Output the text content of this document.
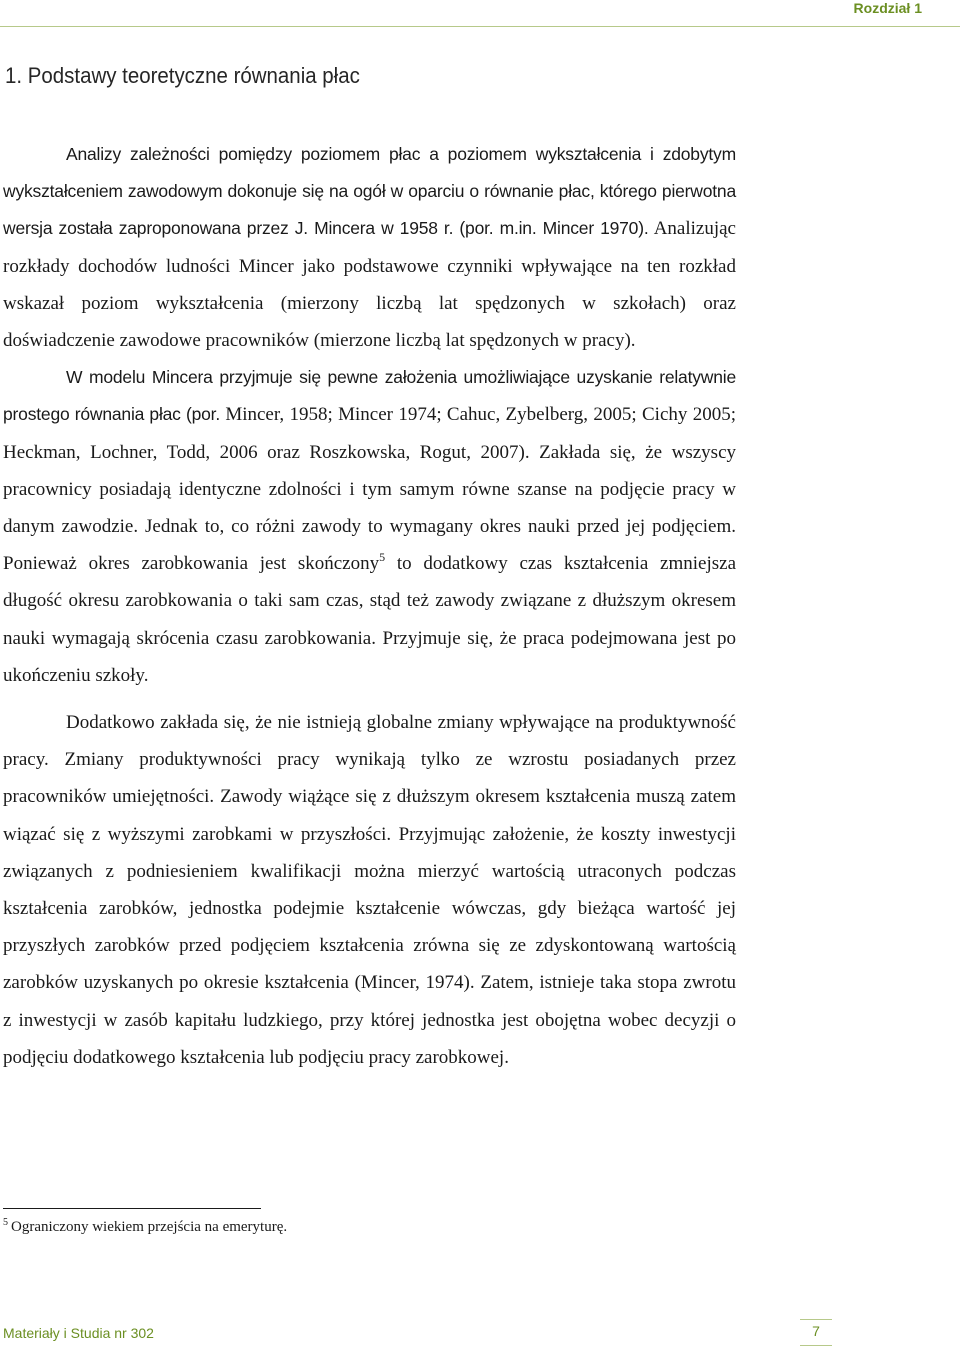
Rozdział 1
1. Podstawy teoretyczne równania płac

Analizy zależności pomiędzy poziomem płac a poziomem wykształcenia i zdobytym wykształceniem zawodowym dokonuje się na ogół w oparciu o równanie płac, którego pierwotna wersja została zaproponowana przez J. Mincera w 1958 r. (por. m.in. Mincer 1970). Analizując rozkłady dochodów ludności Mincer jako podstawowe czynniki wpływające na ten rozkład wskazał poziom wykształcenia (mierzony liczbą lat spędzonych w szkołach) oraz doświadczenie zawodowe pracowników (mierzone liczbą lat spędzonych w pracy).

W modelu Mincera przyjmuje się pewne założenia umożliwiające uzyskanie relatywnie prostego równania płac (por. Mincer, 1958; Mincer 1974; Cahuc, Zybelberg, 2005; Cichy 2005; Heckman, Lochner, Todd, 2006 oraz Roszkowska, Rogut, 2007). Zakłada się, że wszyscy pracownicy posiadają identyczne zdolności i tym samym równe szanse na podjęcie pracy w danym zawodzie. Jednak to, co różni zawody to wymagany okres nauki przed jej podjęciem. Ponieważ okres zarobkowania jest skończony$^5$ to dodatkowy czas kształcenia zmniejsza długość okresu zarobkowania o taki sam czas, stąd też zawody związane z dłuższym okresem nauki wymagają skrócenia czasu zarobkowania. Przyjmuje się, że praca podejmowana jest po ukończeniu szkoły.

Dodatkowo zakłada się, że nie istnieją globalne zmiany wpływające na produktywność pracy. Zmiany produktywności pracy wynikają tylko ze wzrostu posiadanych przez pracowników umiejętności. Zawody wiążące się z dłuższym okresem kształcenia muszą zatem wiązać się z wyższymi zarobkami w przyszłości. Przyjmując założenie, że koszty inwestycji związanych z podniesieniem kwalifikacji można mierzyć wartością utraconych podczas kształcenia zarobków, jednostka podejmie kształcenie wówczas, gdy bieżąca wartość jej przyszłych zarobków przed podjęciem kształcenia zrówna się ze zdyskontowaną wartością zarobków uzyskanych po okresie kształcenia (Mincer, 1974). Zatem, istnieje taka stopa zwrotu z inwestycji w zasób kapitału ludzkiego, przy której jednostka jest obojętna wobec decyzji o podjęciu dodatkowego kształcenia lub podjęciu pracy zarobkowej.

$^5$ Ograniczony wiekiem przejścia na emeryturę.
Materiały i Studia nr 302	7
